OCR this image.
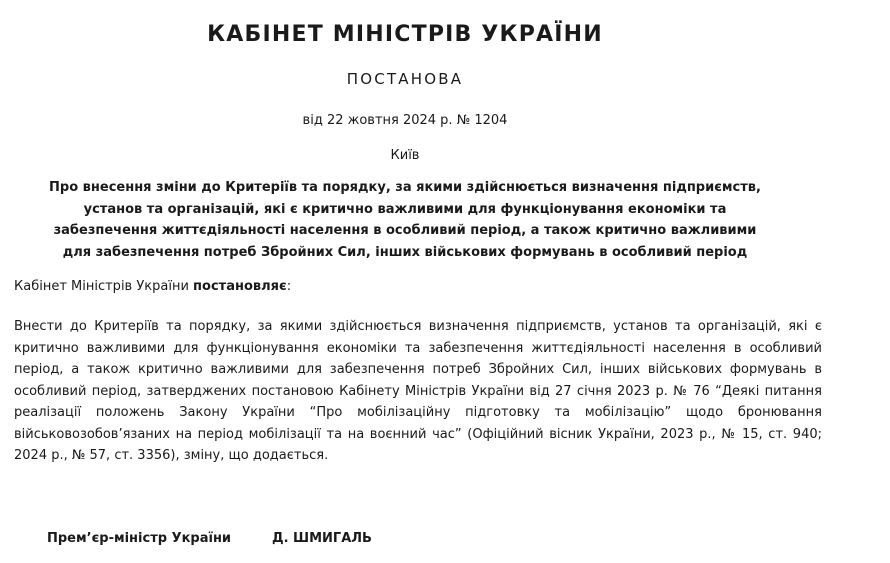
КАБІНЕТ МІНІСТРІВ УКРАЇНИ
ПОСТАНОВА
від 22 жовтня 2024 р. № 1204
Київ
Про внесення зміни до Критеріїв та порядку, за якими здійснюється визначення підприємств, установ та організацій, які є критично важливими для функціонування економіки та забезпечення життєдіяльності населення в особливий період, а також критично важливими для забезпечення потреб Збройних Сил, інших військових формувань в особливий період
Кабінет Міністрів України постановляє:
Внести до Критеріїв та порядку, за якими здійснюється визначення підприємств, установ та організацій, які є критично важливими для функціонування економіки та забезпечення життєдіяльності населення в особливий період, а також критично важливими для забезпечення потреб Збройних Сил, інших військових формувань в особливий період, затверджених постановою Кабінету Міністрів України від 27 січня 2023 р. № 76 “Деякі питання реалізації положень Закону України “Про мобілізаційну підготовку та мобілізацію” щодо бронювання військовозобов’язаних на період мобілізації та на воєнний час” (Офіційний вісник України, 2023 р., № 15, ст. 940; 2024 р., № 57, ст. 3356), зміну, що додається.
Прем’єр-міністр України	Д. ШМИГАЛЬ
